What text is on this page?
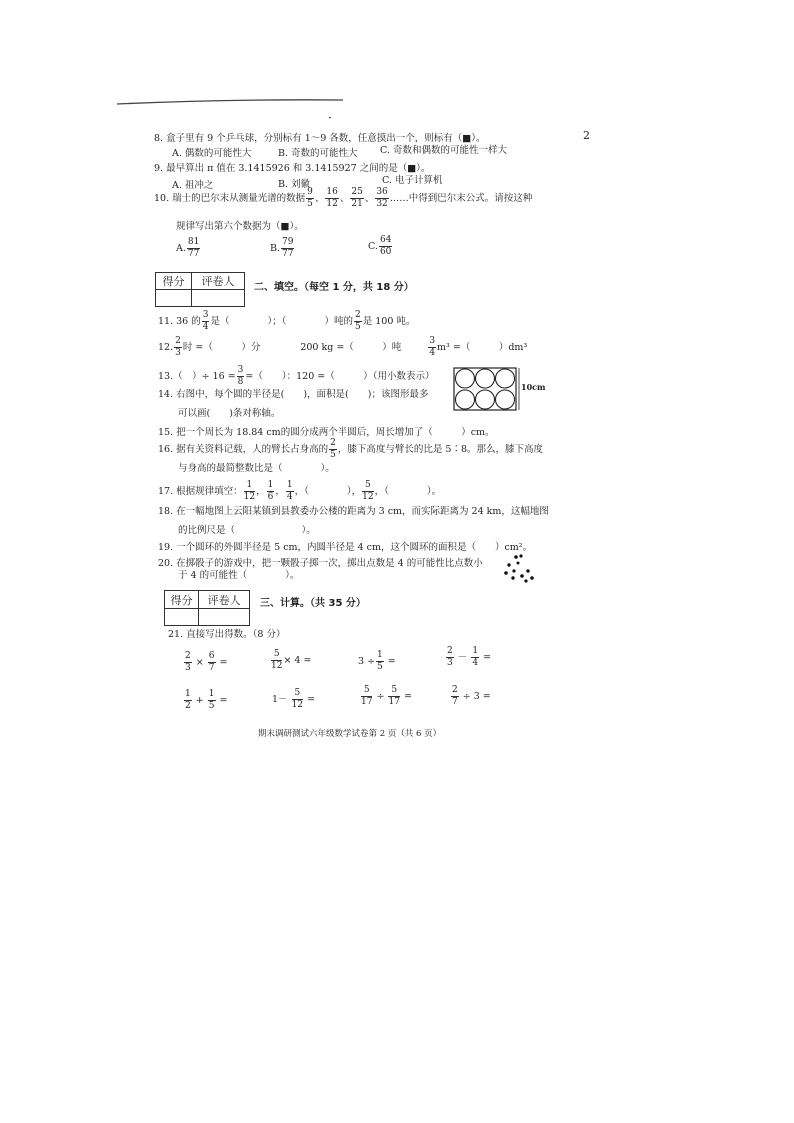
·
2
8. 盒子里有 9 个乒乓球，分别标有 1～9 各数，任意摸出一个，则标有（■）。
A. 偶数的可能性大	B. 奇数的可能性大 C. 奇数和偶数的可能性一样大
9. 最早算出 π 值在 3.1415926 和 3.1415927 之间的是（■）。
A. 祖冲之	B. 刘徽	C. 电子计算机
10. 瑞士的巴尔末从测量光谱的数据 $\frac{9}{5}$ 、 $\frac{16}{12}$ 、 $\frac{25}{21}$ 、 $\frac{36}{32}$ ……中得到巴尔末公式。请按这种
规律写出第六个数据为（■）。
A. $\frac{81}{77}$	B. $\frac{79}{77}$	C. $\frac{64}{60}$
得分	评卷人
	二、填空。（每空 1 分，共 18 分）
11. 36 的 $\frac{3}{4}$ 是（　　　　）；（　　　　）吨的 $\frac{2}{5}$ 是 100 吨。
12. $\frac{2}{3}$ 时 =（　　　）分	200 kg =（　　　）吨	$\frac{3}{4} m^3$ =（　　　）dm³
13.（　）÷ $16 = \frac{3}{8}$ =（　　）：120 =（　　　）（用小数表示）
10cm
14. 右图中，每个圆的半径是(　　)，面积是(　　)；该图形最多
可以画(　　)条对称轴。
15. 把一个周长为 18.84 cm的圆分成两个半圆后，周长增加了（　　　）cm。
16. 据有关资料记载，人的臂长占身高的 $\frac{2}{5}$ ，膝下高度与臂长的比是 5∶8。那么，膝下高度
与身高的最简整数比是（　　　　）。
17. 根据规律填空： $\frac{1}{12}$ ， $\frac{1}{6}$ ， $\frac{1}{4}$ ，（　　　　）， $\frac{5}{12}$ ，（　　　　）。
18. 在一幅地图上云阳某镇到县教委办公楼的距离为 3 cm，而实际距离为 24 km，这幅地图
的比例尺是（　　　　　　　）。
19. 一个圆环的外圆半径是 5 cm，内圆半径是 4 cm，这个圆环的面积是（　　）cm²。
20. 在掷骰子的游戏中，把一颗骰子掷一次，掷出点数是 4 的可能性比点数小
于 4 的可能性（　　　　）。
得分	评卷人
	三、计算。（共 35 分）
21. 直接写出得数。（8 分）
$\frac{2}{3} \times \frac{6}{7}$ =	$\frac{5}{12} \times 4$ =	$3 \div \frac{1}{5}$ =	$\frac{2}{3} - \frac{1}{4}$ =
$\frac{1}{2} + \frac{1}{5}$ =	$1- \frac{5}{12}$ =	$\frac{5}{17} \div \frac{5}{17}$ =	$\frac{2}{7} \div 3$ =
期末调研测试六年级数学试卷第 2 页（共 6 页）
